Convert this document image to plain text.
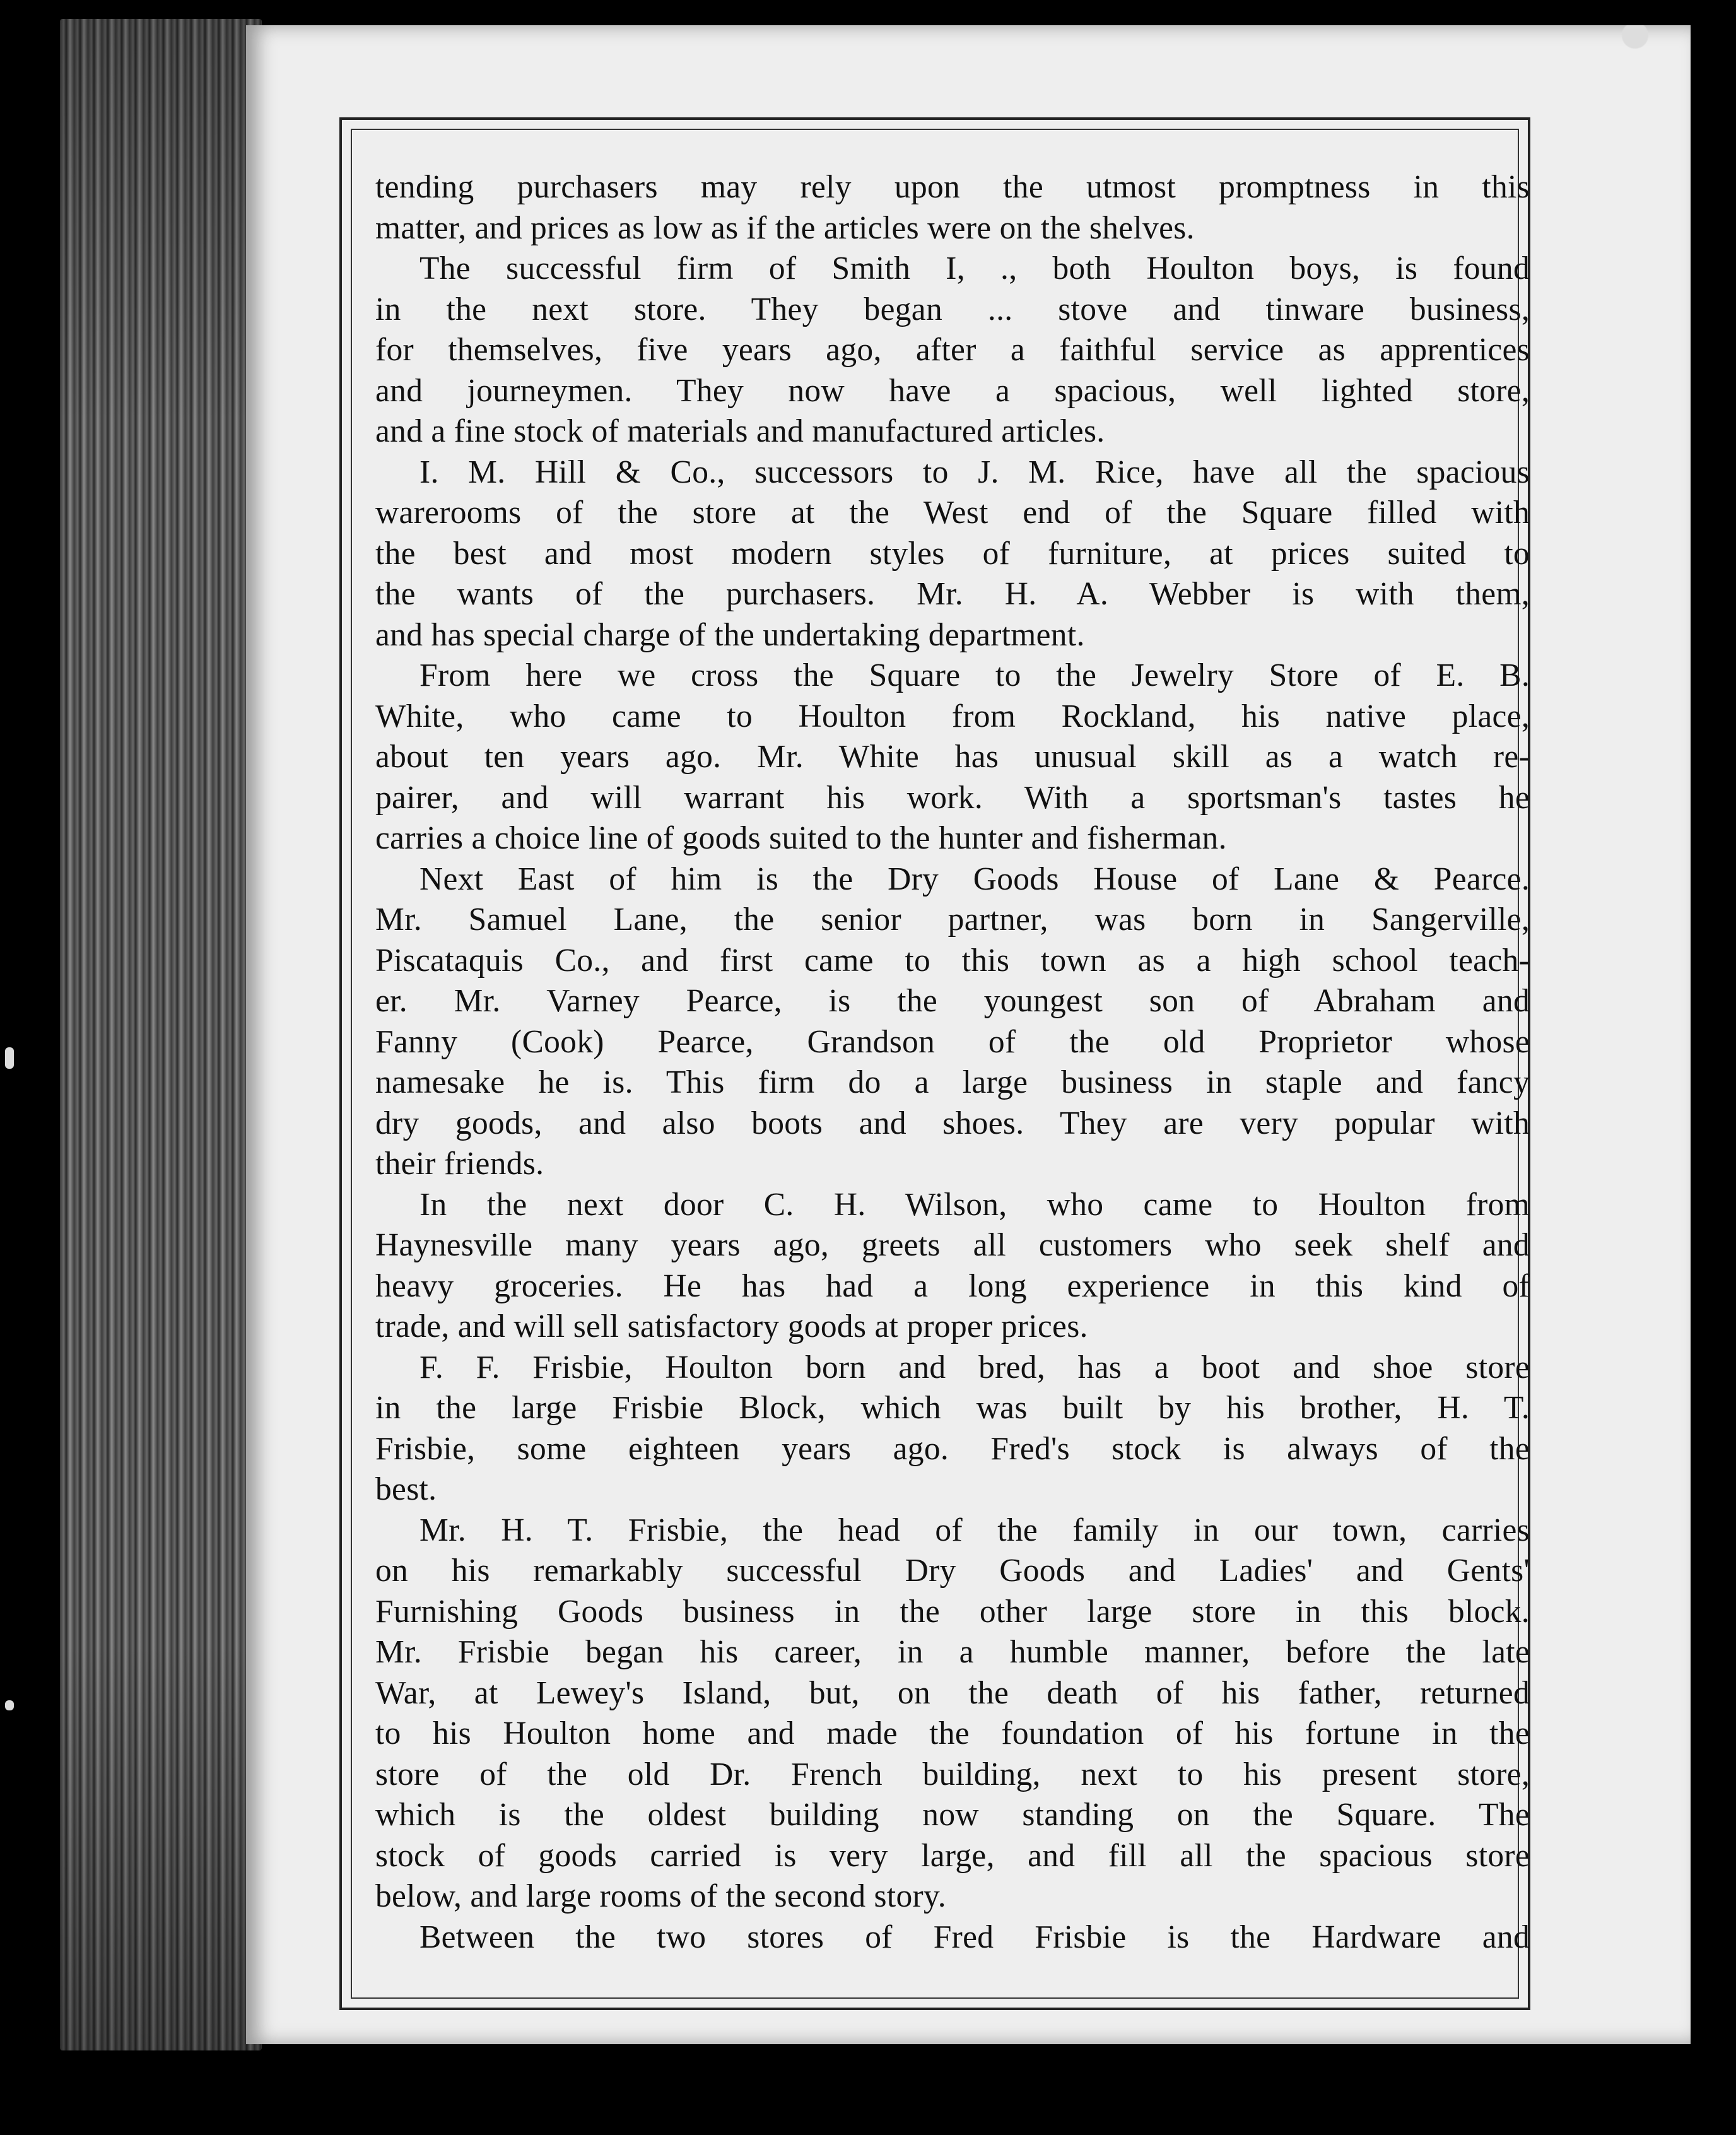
tending purchasers may rely upon the utmost promptness in this
matter, and prices as low as if the articles were on the shelves.
The successful firm of Smith I, ., both Houlton boys, is found
in the next store. They began ... stove and tinware business,
for themselves, five years ago, after a faithful service as apprentices
and journeymen. They now have a spacious, well lighted store,
and a fine stock of materials and manufactured articles.
I. M. Hill & Co., successors to J. M. Rice, have all the spacious
warerooms of the store at the West end of the Square filled with
the best and most modern styles of furniture, at prices suited to
the wants of the purchasers. Mr. H. A. Webber is with them,
and has special charge of the undertaking department.
From here we cross the Square to the Jewelry Store of E. B.
White, who came to Houlton from Rockland, his native place,
about ten years ago. Mr. White has unusual skill as a watch re-
pairer, and will warrant his work. With a sportsman's tastes he
carries a choice line of goods suited to the hunter and fisherman.
Next East of him is the Dry Goods House of Lane & Pearce.
Mr. Samuel Lane, the senior partner, was born in Sangerville,
Piscataquis Co., and first came to this town as a high school teach-
er. Mr. Varney Pearce, is the youngest son of Abraham and
Fanny (Cook) Pearce, Grandson of the old Proprietor whose
namesake he is. This firm do a large business in staple and fancy
dry goods, and also boots and shoes. They are very popular with
their friends.
In the next door C. H. Wilson, who came to Houlton from
Haynesville many years ago, greets all customers who seek shelf and
heavy groceries. He has had a long experience in this kind of
trade, and will sell satisfactory goods at proper prices.
F. F. Frisbie, Houlton born and bred, has a boot and shoe store
in the large Frisbie Block, which was built by his brother, H. T.
Frisbie, some eighteen years ago. Fred's stock is always of the
best.
Mr. H. T. Frisbie, the head of the family in our town, carries
on his remarkably successful Dry Goods and Ladies' and Gents'
Furnishing Goods business in the other large store in this block.
Mr. Frisbie began his career, in a humble manner, before the late
War, at Lewey's Island, but, on the death of his father, returned
to his Houlton home and made the foundation of his fortune in the
store of the old Dr. French building, next to his present store,
which is the oldest building now standing on the Square. The
stock of goods carried is very large, and fill all the spacious store
below, and large rooms of the second story.
Between the two stores of Fred Frisbie is the Hardware and
